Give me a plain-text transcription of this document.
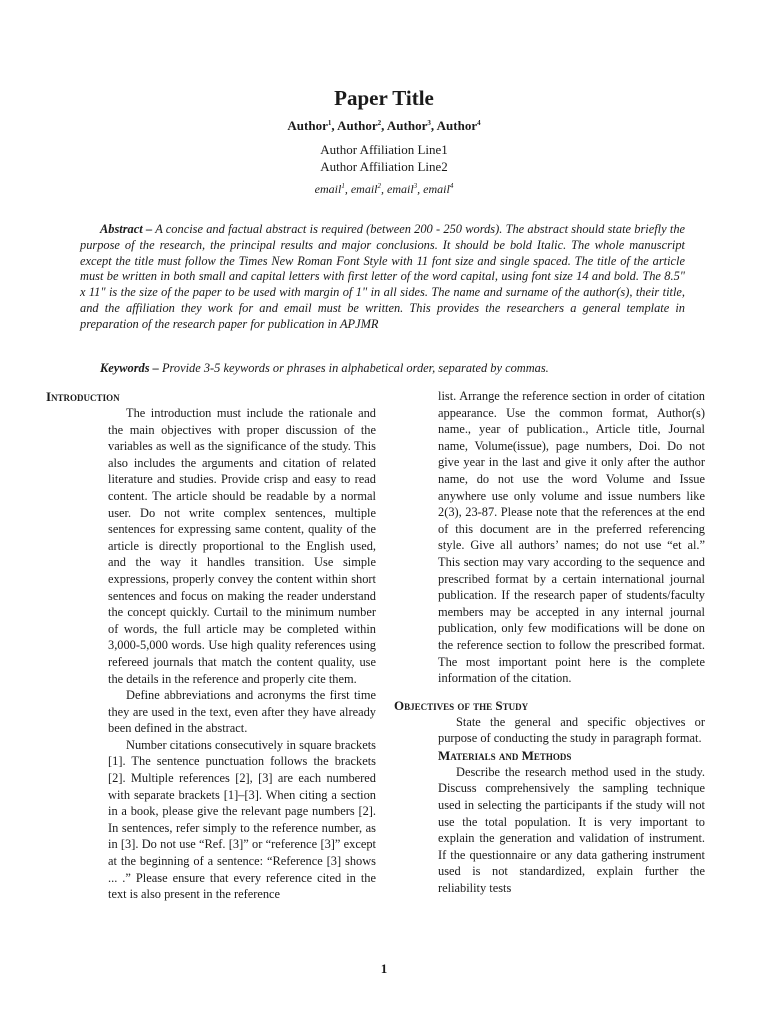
Paper Title
Author$^1$, Author$^2$, Author$^3$, Author$^4$
Author Affiliation Line1
Author Affiliation Line2
email$^1$, email$^2$, email$^3$, email$^4$

Abstract – A concise and factual abstract is required (between 200 - 250 words). The abstract should state briefly the purpose of the research, the principal results and major conclusions. It should be bold Italic. The whole manuscript except the title must follow the Times New Roman Font Style with 11 font size and single spaced. The title of the article must be written in both small and capital letters with first letter of the word capital, using font size 14 and bold. The 8.5" x 11" is the size of the paper to be used with margin of 1" in all sides. The name and surname of the author(s), their title, and the affiliation they work for and email must be written. This provides the researchers a general template in preparation of the research paper for publication in APJMR

Keywords – Provide 3-5 keywords or phrases in alphabetical order, separated by commas.

Introduction

The introduction must include the rationale and the main objectives with proper discussion of the variables as well as the significance of the study. This also includes the arguments and citation of related literature and studies. Provide crisp and easy to read content. The article should be readable by a normal user. Do not write complex sentences, multiple sentences for expressing same content, quality of the article is directly proportional to the English used, and the way it handles transition. Use simple expressions, properly convey the content within short sentences and focus on making the reader understand the concept quickly. Curtail to the minimum number of words, the full article may be completed within 3,000-5,000 words. Use high quality references using refereed journals that match the content quality, use the details in the reference and properly cite them.

Define abbreviations and acronyms the first time they are used in the text, even after they have already been defined in the abstract.

Number citations consecutively in square brackets [1]. The sentence punctuation follows the brackets [2]. Multiple references [2], [3] are each numbered with separate brackets [1]–[3]. When citing a section in a book, please give the relevant page numbers [2]. In sentences, refer simply to the reference number, as in [3]. Do not use “Ref. [3]” or “reference [3]” except at the beginning of a sentence: “Reference [3] shows ... .” Please ensure that every reference cited in the text is also present in the reference

list. Arrange the reference section in order of citation appearance. Use the common format, Author(s) name., year of publication., Article title, Journal name, Volume(issue), page numbers, Doi. Do not give year in the last and give it only after the author name, do not use the word Volume and Issue anywhere use only volume and issue numbers like 2(3), 23-87. Please note that the references at the end of this document are in the preferred referencing style. Give all authors’ names; do not use “et al.” This section may vary according to the sequence and prescribed format by a certain international journal publication. If the research paper of students/faculty members may be accepted in any internal journal publication, only few modifications will be done on the reference section to follow the prescribed format. The most important point here is the complete information of the citation.

Objectives of the Study

State the general and specific objectives or purpose of conducting the study in paragraph format.

Materials and Methods

Describe the research method used in the study. Discuss comprehensively the sampling technique used in selecting the participants if the study will not use the total population. It is very important to explain the generation and validation of instrument. If the questionnaire or any data gathering instrument used is not standardized, explain further the reliability tests

1
